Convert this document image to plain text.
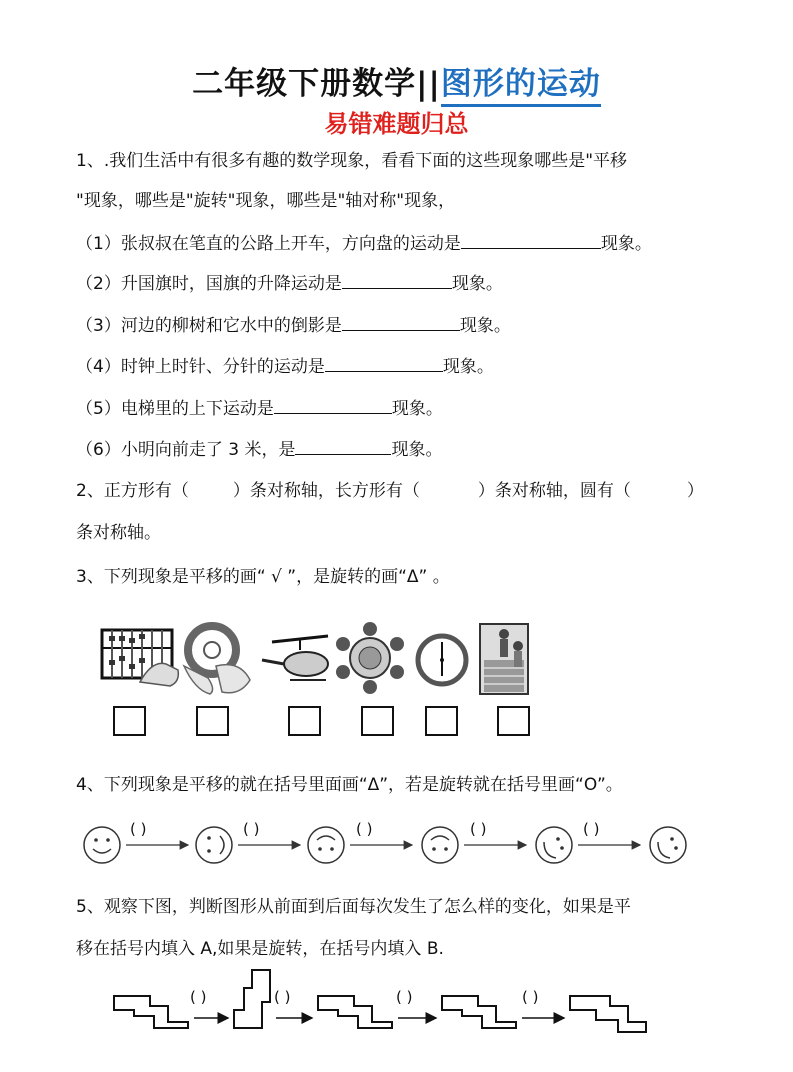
二年级下册数学||图形的运动
易错难题归总
1、.我们生活中有很多有趣的数学现象，看看下面的这些现象哪些是"平移
"现象，哪些是"旋转"现象，哪些是"轴对称"现象，
（1）张叔叔在笔直的公路上开车，方向盘的运动是	现象。
（2）升国旗时，国旗的升降运动是	现象。
（3）河边的柳树和它水中的倒影是	现象。
（4）时钟上时针、分针的运动是	现象。
（5）电梯里的上下运动是	现象。
（6）小明向前走了 3 米，是	现象。
2、正方形有（	）条对称轴，长方形有（	）条对称轴，圆有（	）
条对称轴。
3、下列现象是平移的画“ √ ”，是旋转的画“Δ” 。
4、下列现象是平移的就在括号里面画“Δ”，若是旋转就在括号里画“O”。
( )	( )	( )	( )	( )
5、观察下图，判断图形从前面到后面每次发生了怎么样的变化，如果是平
移在括号内填入 A,如果是旋转，在括号内填入 B.
( )	( )	( )	( )
